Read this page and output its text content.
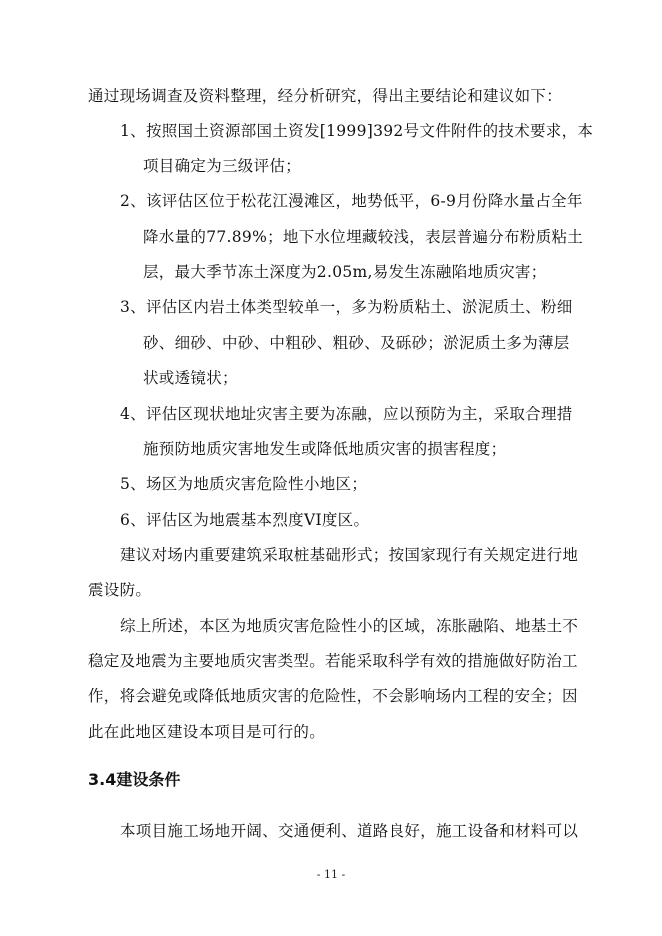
通过现场调查及资料整理，经分析研究，得出主要结论和建议如下：
1、按照国土资源部国土资发[1999]392号文件附件的技术要求，本
项目确定为三级评估；
2、该评估区位于松花江漫滩区，地势低平，6-9月份降水量占全年
降水量的77.89%；地下水位埋藏较浅，表层普遍分布粉质粘土
层，最大季节冻土深度为2.05m,易发生冻融陷地质灾害；
3、评估区内岩土体类型较单一，多为粉质粘土、淤泥质土、粉细
砂、细砂、中砂、中粗砂、粗砂、及砾砂；淤泥质土多为薄层
状或透镜状；
4、评估区现状地址灾害主要为冻融，应以预防为主，采取合理措
施预防地质灾害地发生或降低地质灾害的损害程度；
5、场区为地质灾害危险性小地区；
6、评估区为地震基本烈度VI度区。
建议对场内重要建筑采取桩基础形式；按国家现行有关规定进行地
震设防。
综上所述，本区为地质灾害危险性小的区域，冻胀融陷、地基土不
稳定及地震为主要地质灾害类型。若能采取科学有效的措施做好防治工
作，将会避免或降低地质灾害的危险性，不会影响场内工程的安全；因
此在此地区建设本项目是可行的。
3.4建设条件
本项目施工场地开阔、交通便利、道路良好，施工设备和材料可以
- 11 -
